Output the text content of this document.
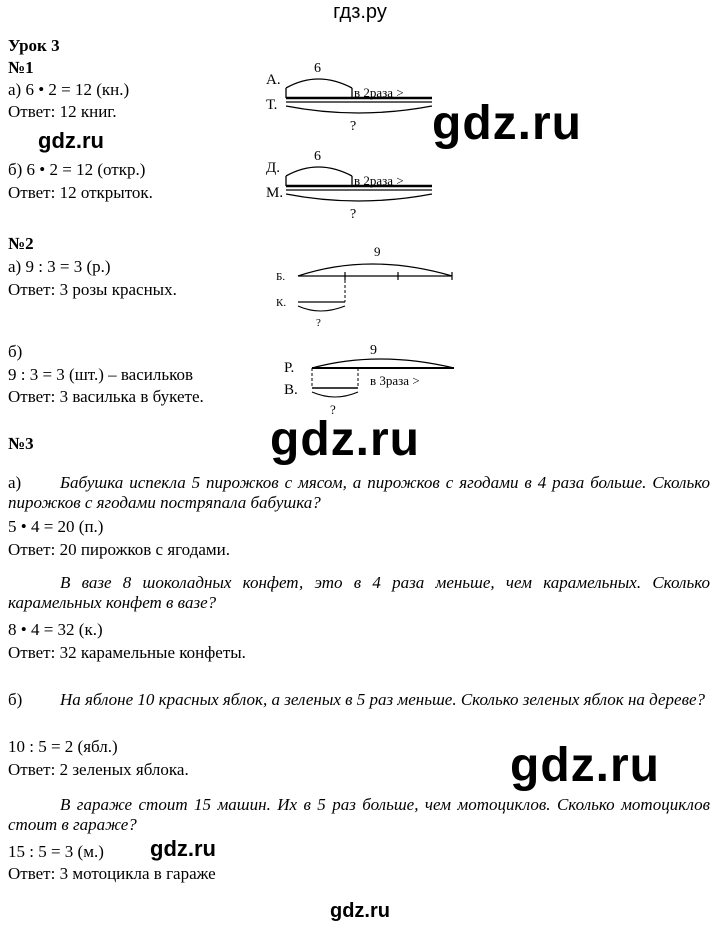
гдз.ру
Урок 3
№1
а) 6 • 2 = 12 (кн.)
Ответ: 12 книг.
gdz.ru
б) 6 • 2 = 12 (откр.)
Ответ: 12 открыток.
А.
Т.
6
в 2раза >
?
Д.
М.
6
в 2раза >
?
gdz.ru
№2
а) 9 : 3 = 3 (р.)
Ответ: 3 розы красных.
9
Б.
К.
?
б)
9 : 3 = 3 (шт.) – васильков
Ответ: 3 василька в букете.
9
Р.
в 3раза >
В.
?
№3	gdz.ru
а)	Бабушка испекла 5 пирожков с мясом, а пирожков с ягодами в 4 раза больше. Сколько пирожков с ягодами постряпала бабушка?
5 • 4 = 20 (п.)
Ответ: 20 пирожков с ягодами.
В вазе 8 шоколадных конфет, это в 4 раза меньше, чем карамельных. Сколько карамельных конфет в вазе?
8 • 4 = 32 (к.)
Ответ: 32 карамельные конфеты.
б)	На яблоне 10 красных яблок, а зеленых в 5 раз меньше. Сколько зеленых яблок на дереве?
10 : 5 = 2 (ябл.)
Ответ: 2 зеленых яблока.	gdz.ru
В гараже стоит 15 машин. Их в 5 раз больше, чем мотоциклов. Сколько мотоциклов стоит в гараже?
15 : 5 = 3 (м.) gdz.ru
Ответ: 3 мотоцикла в гараже
gdz.ru
